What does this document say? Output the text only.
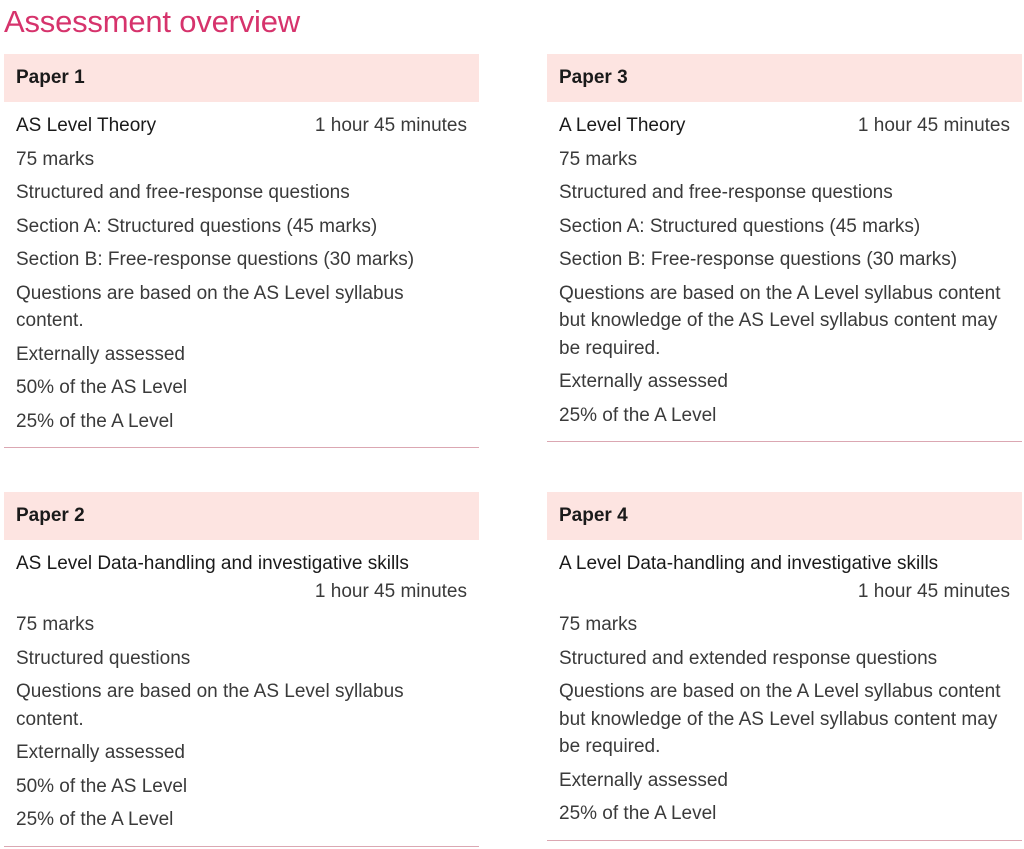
Assessment overview
Paper 1
AS Level Theory	1 hour 45 minutes
75 marks
Structured and free-response questions
Section A: Structured questions (45 marks)
Section B: Free-response questions (30 marks)
Questions are based on the AS Level syllabus content.
Externally assessed
50% of the AS Level
25% of the A Level
Paper 3
A Level Theory	1 hour 45 minutes
75 marks
Structured and free-response questions
Section A: Structured questions (45 marks)
Section B: Free-response questions (30 marks)
Questions are based on the A Level syllabus content but knowledge of the AS Level syllabus content may be required.
Externally assessed
25% of the A Level
Paper 2
AS Level Data-handling and investigative skills
1 hour 45 minutes
75 marks
Structured questions
Questions are based on the AS Level syllabus content.
Externally assessed
50% of the AS Level
25% of the A Level
Paper 4
A Level Data-handling and investigative skills
1 hour 45 minutes
75 marks
Structured and extended response questions
Questions are based on the A Level syllabus content but knowledge of the AS Level syllabus content may be required.
Externally assessed
25% of the A Level
